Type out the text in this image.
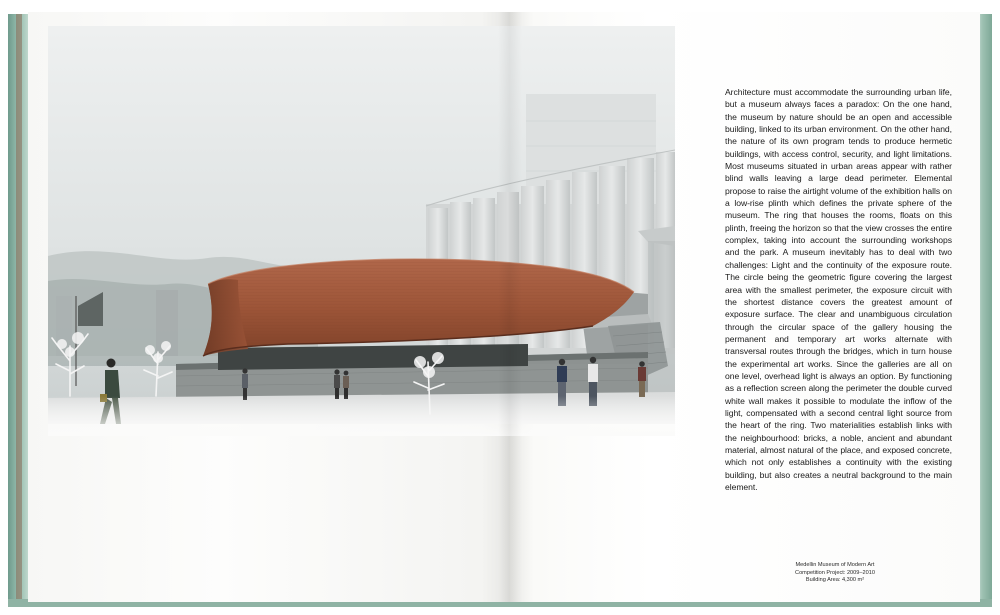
Architecture must accommodate the surrounding urban life, but a museum always faces a paradox: On the one hand, the museum by nature should be an open and accessible building, linked to its urban environment. On the other hand, the nature of its own program tends to produce hermetic buildings, with access control, security, and light limitations. Most museums situated in urban areas appear with rather blind walls leaving a large dead perimeter. Elemental propose to raise the airtight volume of the exhibition halls on a low-rise plinth which defines the private sphere of the museum. The ring that houses the rooms, floats on this plinth, freeing the horizon so that the view crosses the entire complex, taking into account the surrounding workshops and the park. A museum inevitably has to deal with two challenges: Light and the continuity of the exposure route. The circle being the geometric figure covering the largest area with the smallest perimeter, the exposure circuit with the shortest distance covers the greatest amount of exposure surface. The clear and unambiguous circulation through the circular space of the gallery housing the permanent and temporary art works alternate with transversal routes through the bridges, which in turn house the experimental art works. Since the galleries are all on one level, overhead light is always an option. By functioning as a reflection screen along the perimeter the double curved white wall makes it possible to modulate the inflow of the light, compensated with a second central light source from the heart of the ring. Two materialities establish links with the neighbourhood: bricks, a noble, ancient and abundant material, almost natural of the place, and exposed concrete, which not only establishes a continuity with the existing building, but also creates a neutral background to the main element.

Medellin Museum of Modern Art
Competition Project: 2009–2010
Building Area: 4,300 m²
